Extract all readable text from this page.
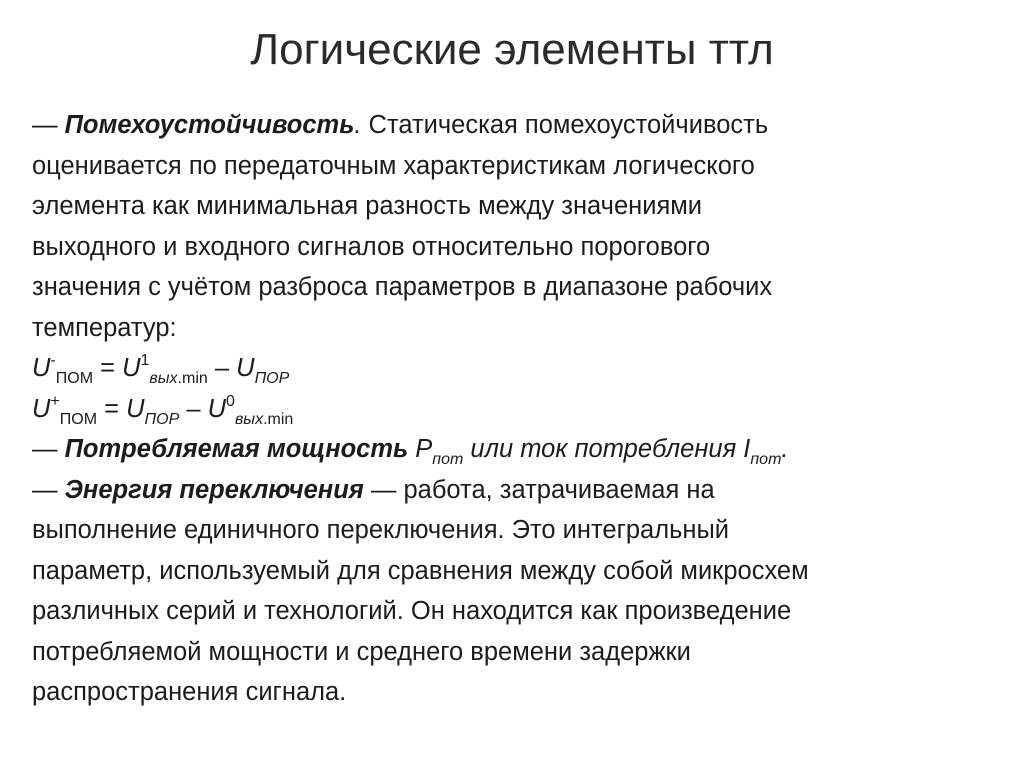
Логические элементы ттл
— Помехоустойчивость. Статическая помехоустойчивость
оценивается по передаточным характеристикам логического
элемента как минимальная разность между значениями
выходного и входного сигналов относительно порогового
значения с учётом разброса параметров в диапазоне рабочих
температур:
$U^-_{ПОМ} = U^1_{вых.min} - U_{ПОР}$
$U^+_{ПОМ} = U_{ПОР} - U^0_{вых.min}$
— Потребляемая мощность $P_{пот}$ или ток потребления $I_{пот}$.
— Энергия переключения — работа, затрачиваемая на
выполнение единичного переключения. Это интегральный
параметр, используемый для сравнения между собой микросхем
различных серий и технологий. Он находится как произведение
потребляемой мощности и среднего времени задержки
распространения сигнала.
